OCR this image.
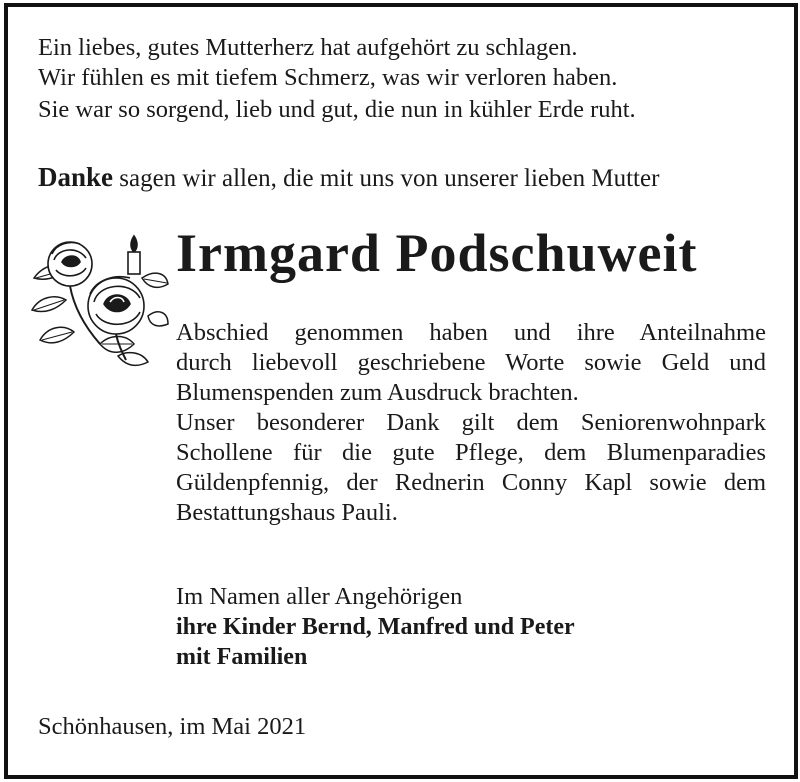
Ein liebes, gutes Mutterherz hat aufgehört zu schlagen.
Wir fühlen es mit tiefem Schmerz, was wir verloren haben.
Sie war so sorgend, lieb und gut, die nun in kühler Erde ruht.
Danke sagen wir allen, die mit uns von unserer lieben Mutter
Irmgard Podschuweit
Abschied genommen haben und ihre Anteilnahme
durch liebevoll geschriebene Worte sowie Geld und
Blumenspenden zum Ausdruck brachten.
Unser besonderer Dank gilt dem Seniorenwohnpark
Schollene für die gute Pflege, dem Blumenparadies
Güldenpfennig, der Rednerin Conny Kapl sowie dem
Bestattungshaus Pauli.
Im Namen aller Angehörigen
ihre Kinder Bernd, Manfred und Peter
mit Familien
Schönhausen, im Mai 2021
